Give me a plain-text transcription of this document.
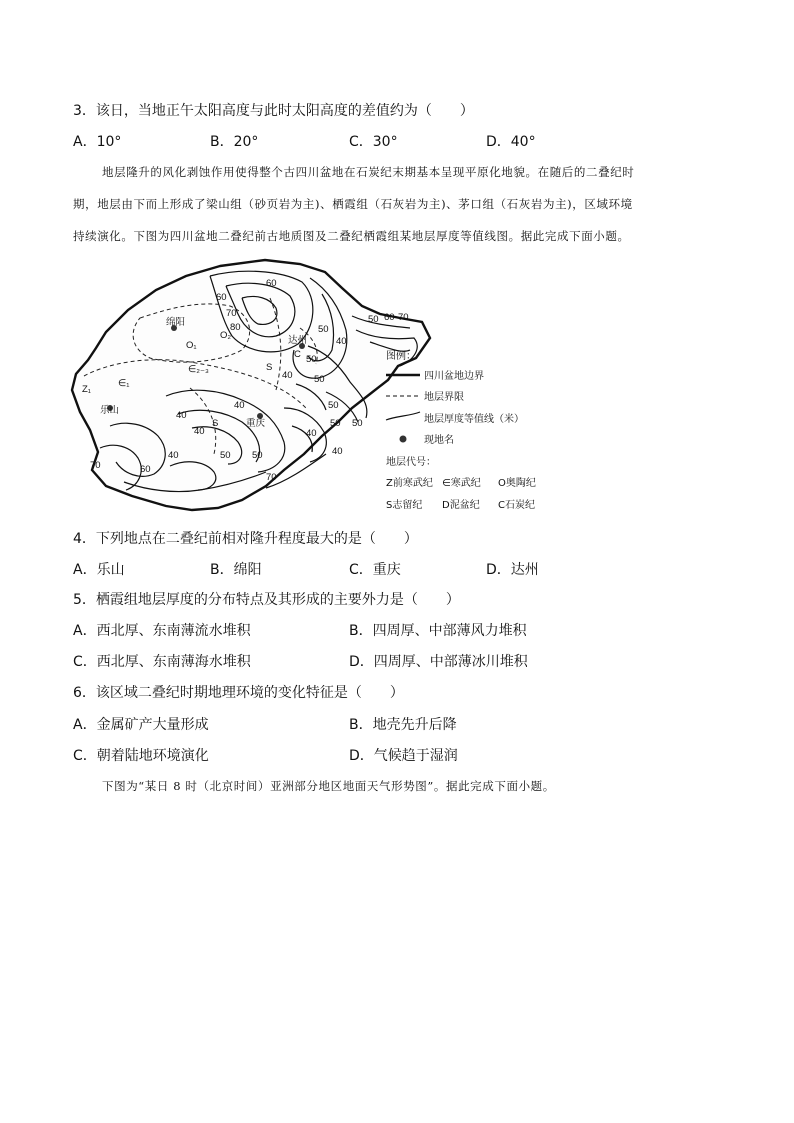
3．该日，当地正午太阳高度与此时太阳高度的差值约为（　　）
A．10°	B．20°	C．30°	D．40°
地层隆升的风化剥蚀作用使得整个古四川盆地在石炭纪末期基本呈现平原化地貌。在随后的二叠纪时
期，地层由下而上形成了梁山组（砂页岩为主)、栖霞组（石灰岩为主)、茅口组（石灰岩为主)，区域环境
持续演化。下图为四川盆地二叠纪前古地质图及二叠纪栖霞组某地层厚度等值线图。据此完成下面小题。
绵阳
达州
乐山
重庆
O₁
O₂
∈₁
∈₂₋₃
Z₁
S
S
C
60
70
80
60
50
50
60 70
50
40
50
40
50
40
40
40
40	50 50
40
50 50
40
70	60
70
图例：
四川盆地边界
地层界限
地层厚度等值线（米）
现地名
地层代号：
Z前寒武纪 ∈寒武纪 O奥陶纪
S志留纪 D泥盆纪 C石炭纪
4．下列地点在二叠纪前相对隆升程度最大的是（　　）
A．乐山	B．绵阳	C．重庆	D．达州
5．栖霞组地层厚度的分布特点及其形成的主要外力是（　　）
A．西北厚、东南薄流水堆积	B．四周厚、中部薄风力堆积
C．西北厚、东南薄海水堆积	D．四周厚、中部薄冰川堆积
6．该区域二叠纪时期地理环境的变化特征是（　　）
A．金属矿产大量形成	B．地壳先升后降
C．朝着陆地环境演化	D．气候趋于湿润
下图为“某日 8 时（北京时间）亚洲部分地区地面天气形势图”。据此完成下面小题。
